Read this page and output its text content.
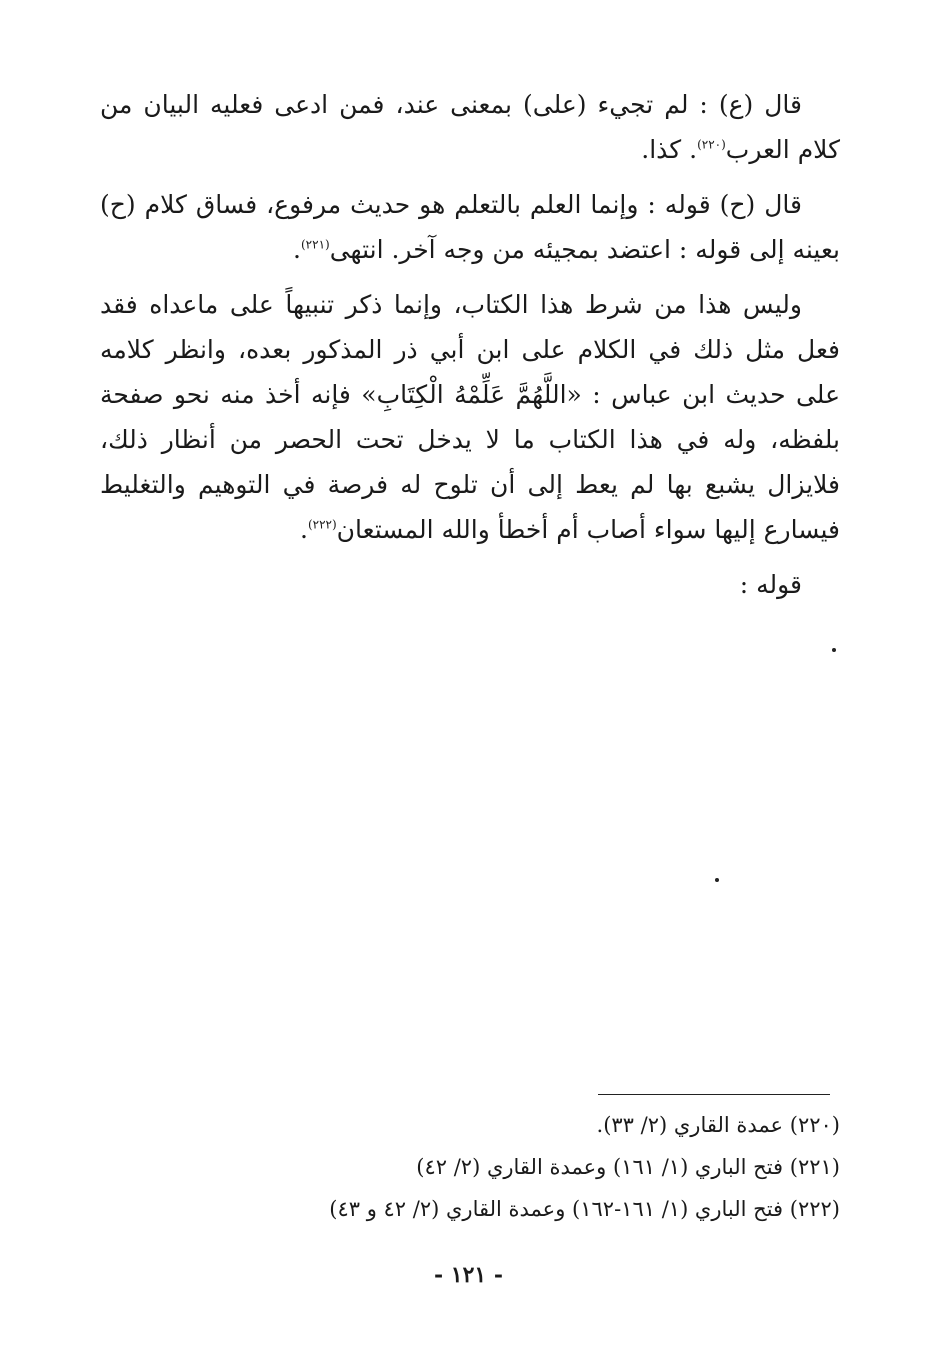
قال (ع) : لم تجيء (على) بمعنى عند، فمن ادعى فعليه البيان من كلام العرب$^{(٢٢٠)}$. كذا.

قال (ح) قوله : وإنما العلم بالتعلم هو حديث مرفوع، فساق كلام (ح) بعينه إلى قوله : اعتضد بمجيئه من وجه آخر. انتهى$^{(٢٢١)}$.

وليس هذا من شرط هذا الكتاب، وإنما ذكر تنبيهاً على ماعداه فقد فعل مثل ذلك في الكلام على ابن أبي ذر المذكور بعده، وانظر كلامه على حديث ابن عباس : «اللَّهُمَّ عَلِّمْهُ الْكِتَابِ» فإنه أخذ منه نحو صفحة بلفظه، وله في هذا الكتاب ما لا يدخل تحت الحصر من أنظار ذلك، فلايزال يشبع بها لم يعط إلى أن تلوح له فرصة في التوهيم والتغليط فيسارع إليها سواء أصاب أم أخطأ والله المستعان$^{(٢٢٢)}$.

قوله :

(٢٢٠) عمدة القاري (٢/ ٣٣).

(٢٢١) فتح الباري (١/ ١٦١) وعمدة القاري (٢/ ٤٢)

(٢٢٢) فتح الباري (١/ ١٦١-١٦٢) وعمدة القاري (٢/ ٤٢ و ٤٣)

- ١٢١ -
